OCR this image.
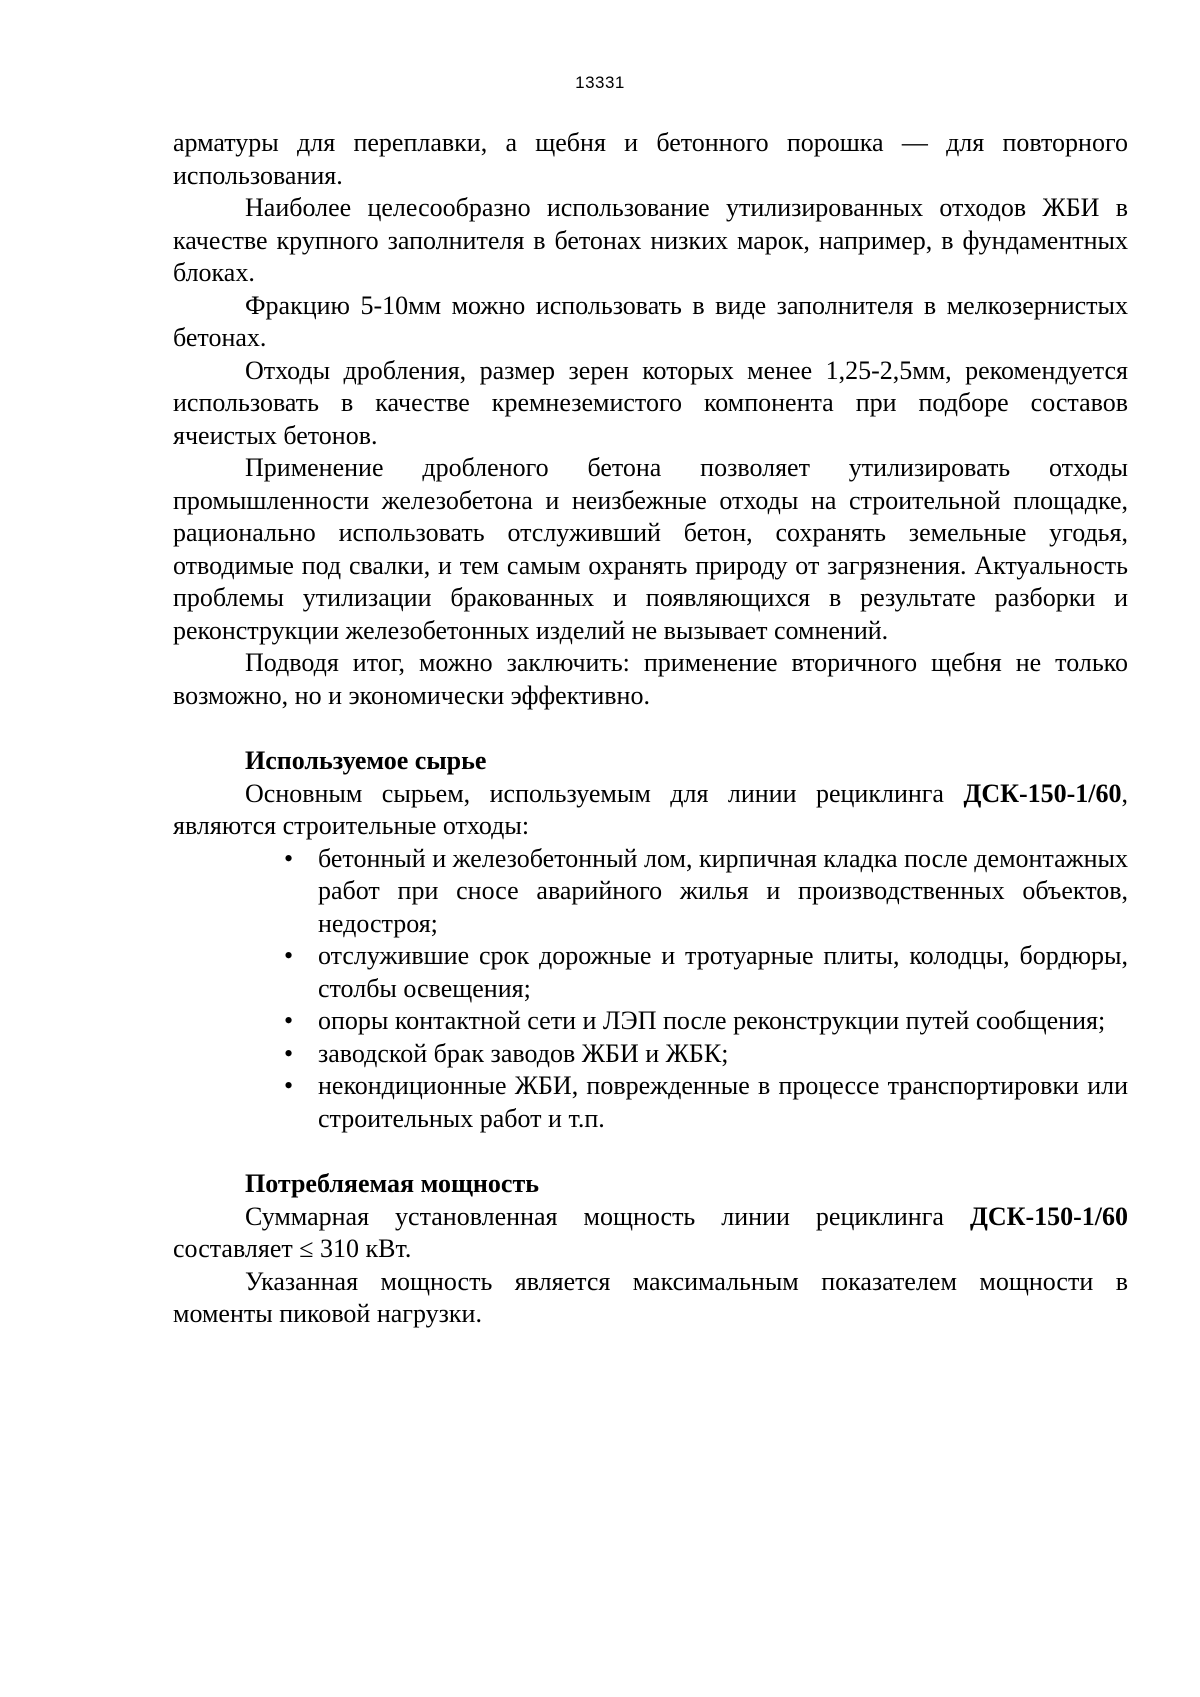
13331

арматуры для переплавки, а щебня и бетонного порошка — для повторного использования.

Наиболее целесообразно использование утилизированных отходов ЖБИ в качестве крупного заполнителя в бетонах низких марок, например, в фундаментных блоках.

Фракцию 5-10мм можно использовать в виде заполнителя в мелкозернистых бетонах.

Отходы дробления, размер зерен которых менее 1,25-2,5мм, рекомендуется использовать в качестве кремнеземистого компонента при подборе составов ячеистых бетонов.

Применение дробленого бетона позволяет утилизировать отходы промышленности железобетона и неизбежные отходы на строительной площадке, рационально использовать отслуживший бетон, сохранять земельные угодья, отводимые под свалки, и тем самым охранять природу от загрязнения. Актуальность проблемы утилизации бракованных и появляющихся в результате разборки и реконструкции железобетонных изделий не вызывает сомнений.

Подводя итог, можно заключить: применение вторичного щебня не только возможно, но и экономически эффективно.

Используемое сырье

Основным сырьем, используемым для линии рециклинга ДСК-150-1/60, являются строительные отходы:

• бетонный и железобетонный лом, кирпичная кладка после демонтажных работ при сносе аварийного жилья и производственных объектов, недостроя;
• отслужившие срок дорожные и тротуарные плиты, колодцы, бордюры, столбы освещения;
• опоры контактной сети и ЛЭП после реконструкции путей сообщения;
• заводской брак заводов ЖБИ и ЖБК;
• некондиционные ЖБИ, поврежденные в процессе транспортировки или строительных работ и т.п.
Потребляемая мощность

Суммарная установленная мощность линии рециклинга ДСК-150-1/60 составляет ≤ 310 кВт.

Указанная мощность является максимальным показателем мощности в моменты пиковой нагрузки.
